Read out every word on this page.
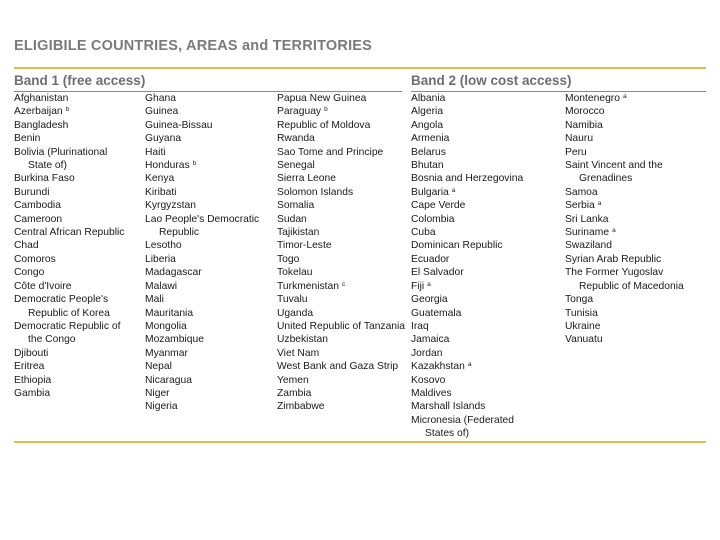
ELIGIBILE COUNTRIES, AREAS and TERRITORIES
Band 1 (free access)	Band 2 (low cost access)
Afghanistan
Azerbaijan $^b$
Bangladesh
Benin
Bolivia (Plurinational
State of)
Burkina Faso
Burundi
Cambodia
Cameroon
Central African Republic
Chad
Comoros
Congo
Côte d'Ivoire
Democratic People's
Republic of Korea
Democratic Republic of
the Congo
Djibouti
Eritrea
Ethiopia
Gambia
Ghana
Guinea
Guinea-Bissau
Guyana
Haiti
Honduras $^b$
Kenya
Kiribati
Kyrgyzstan
Lao People's Democratic
Republic
Lesotho
Liberia
Madagascar
Malawi
Mali
Mauritania
Mongolia
Mozambique
Myanmar
Nepal
Nicaragua
Niger
Nigeria
Papua New Guinea
Paraguay $^b$
Republic of Moldova
Rwanda
Sao Tome and Principe
Senegal
Sierra Leone
Solomon Islands
Somalia
Sudan
Tajikistan
Timor-Leste
Togo
Tokelau
Turkmenistan $^c$
Tuvalu
Uganda
United Republic of Tanzania
Uzbekistan
Viet Nam
West Bank and Gaza Strip
Yemen
Zambia
Zimbabwe
Albania
Algeria
Angola
Armenia
Belarus
Bhutan
Bosnia and Herzegovina
Bulgaria $^a$
Cape Verde
Colombia
Cuba
Dominican Republic
Ecuador
El Salvador
Fiji $^a$
Georgia
Guatemala
Iraq
Jamaica
Jordan
Kazakhstan $^a$
Kosovo
Maldives
Marshall Islands
Micronesia (Federated
States of)
Montenegro $^a$
Morocco
Namibia
Nauru
Peru
Saint Vincent and the
Grenadines
Samoa
Serbia $^a$
Sri Lanka
Suriname $^a$
Swaziland
Syrian Arab Republic
The Former Yugoslav
Republic of Macedonia
Tonga
Tunisia
Ukraine
Vanuatu
